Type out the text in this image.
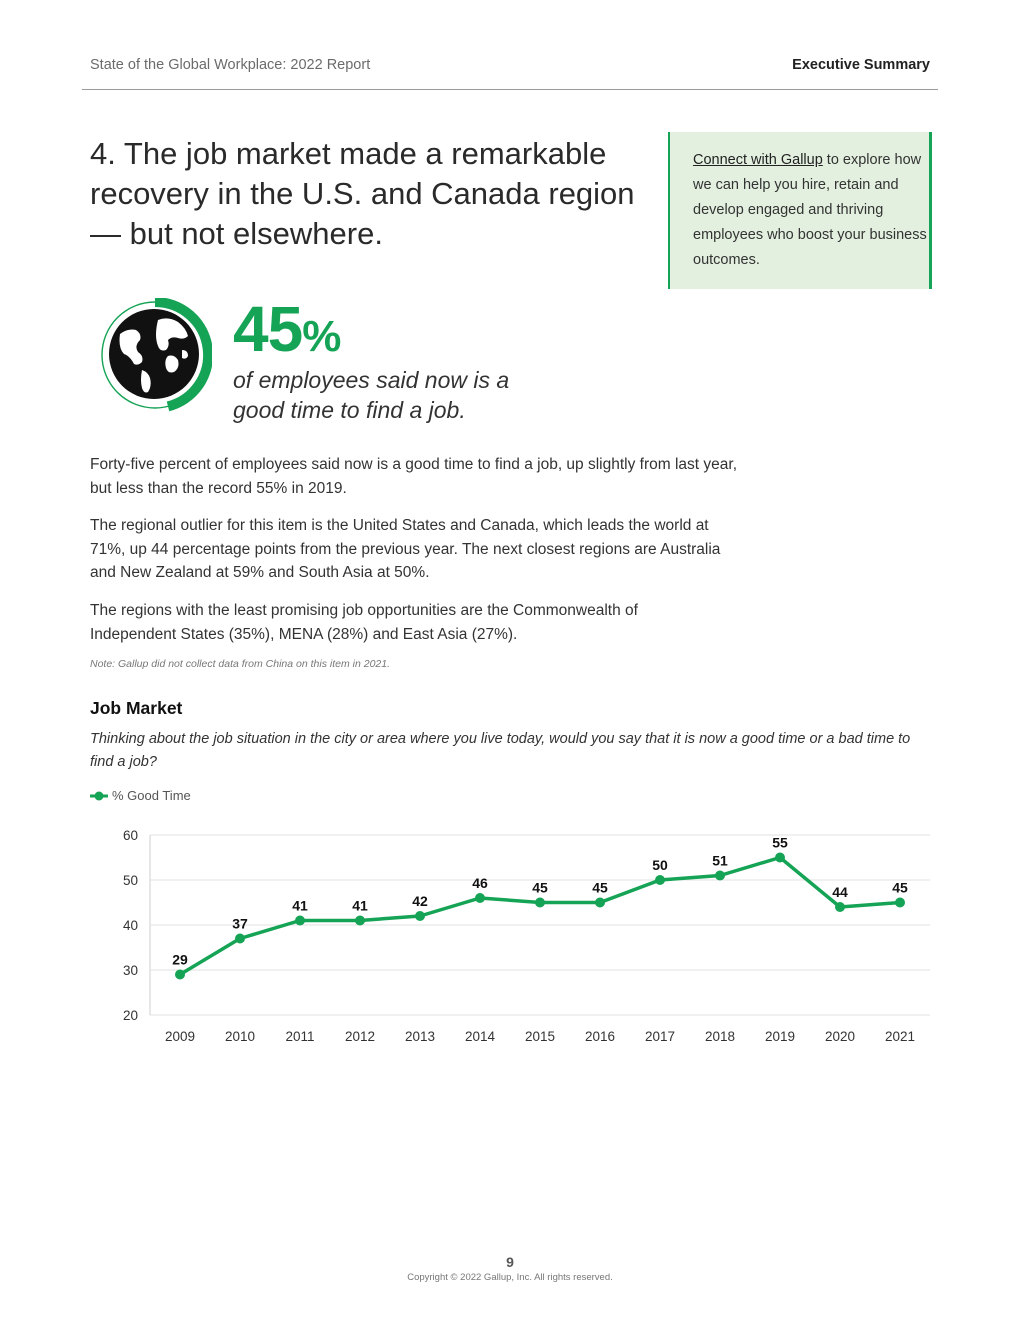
State of the Global Workplace: 2022 Report	Executive Summary
4. The job market made a remarkable recovery in the U.S. and Canada region — but not elsewhere.
Connect with Gallup to explore how we can help you hire, retain and develop engaged and thriving employees who boost your business outcomes.
45%
of employees said now is a good time to find a job.

Forty-five percent of employees said now is a good time to find a job, up slightly from last year, but less than the record 55% in 2019.

The regional outlier for this item is the United States and Canada, which leads the world at 71%, up 44 percentage points from the previous year. The next closest regions are Australia and New Zealand at 59% and South Asia at 50%.

The regions with the least promising job opportunities are the Commonwealth of Independent States (35%), MENA (28%) and East Asia (27%).

Note: Gallup did not collect data from China on this item in 2021.
Job Market
Thinking about the job situation in the city or area where you live today, would you say that it is now a good time or a bad time to find a job?
% Good Time
20
30
40
50
60
2009 2010 2011 2012 2013 2014 2015 2016 2017 2018 2019 2020 2021
29
37
41	41	42
46	45	45
50	51
55
44	45
9
Copyright © 2022 Gallup, Inc. All rights reserved.
